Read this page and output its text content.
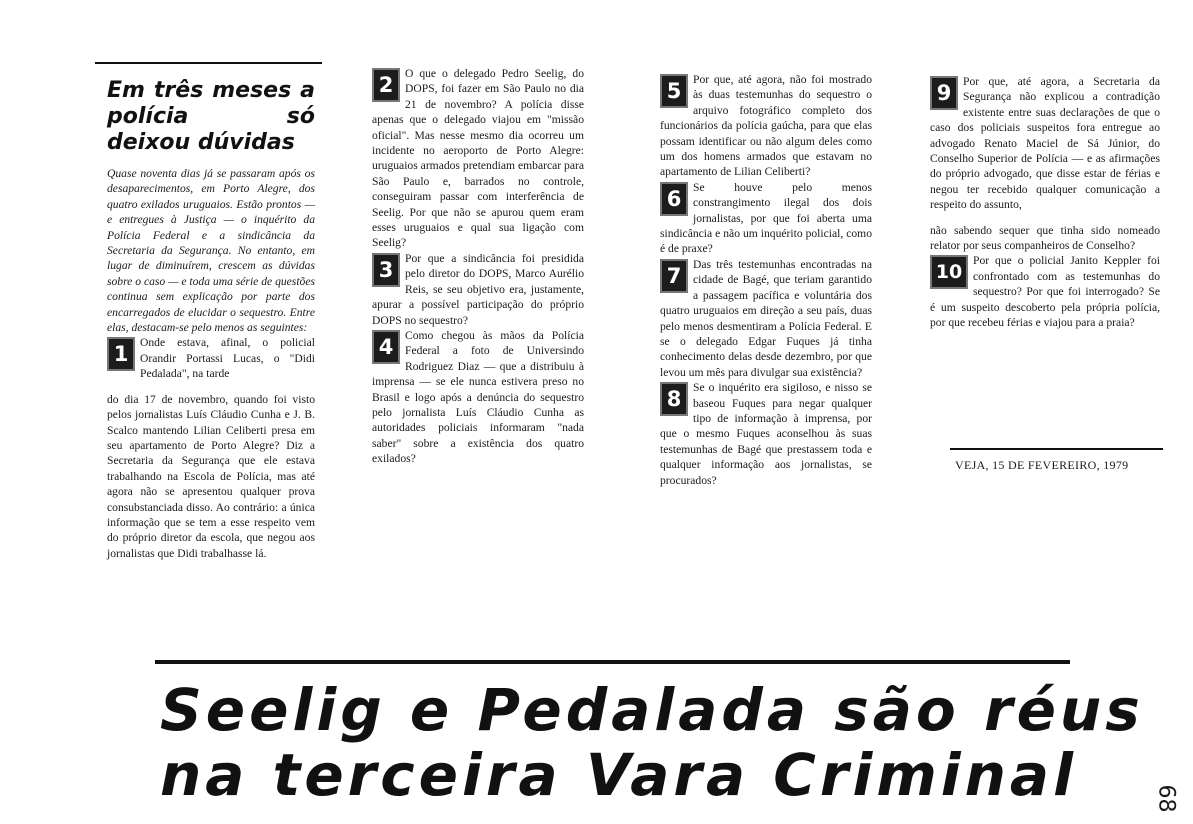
Em três meses a polícia só deixou dúvidas

Quase noventa dias já se passaram após os desaparecimentos, em Porto Alegre, dos quatro exilados uruguaios. Estão prontos — e entregues à Justiça — o inquérito da Polícia Federal e a sindicância da Secretaria da Segurança. No entanto, em lugar de diminuírem, crescem as dúvidas sobre o caso — e toda uma série de questões continua sem explicação por parte dos encarregados de elucidar o sequestro. Entre elas, destacam-se pelo menos as seguintes:

1	Onde estava, afinal, o policial Orandir Portassi Lucas, o "Didi Pedalada", na tarde

do dia 17 de novembro, quando foi visto pelos jornalistas Luís Cláudio Cunha e J. B. Scalco mantendo Lilian Celiberti presa em seu apartamento de Porto Alegre? Diz a Secretaria da Segurança que ele estava trabalhando na Escola de Polícia, mas até agora não se apresentou qualquer prova consubstanciada disso. Ao contrário: a única informação que se tem a esse respeito vem do próprio diretor da escola, que negou aos jornalistas que Didi trabalhasse lá.

2	O que o delegado Pedro Seelig, do DOPS, foi fazer em São Paulo no dia 21 de novembro? A polícia disse apenas que o delegado viajou em "missão oficial". Mas nesse mesmo dia ocorreu um incidente no aeroporto de Porto Alegre: uruguaios armados pretendiam embarcar para São Paulo e, barrados no controle, conseguiram passar com interferência de Seelig. Por que não se apurou quem eram esses uruguaios e qual sua ligação com Seelig?

3	Por que a sindicância foi presidida pelo diretor do DOPS, Marco Aurélio Reis, se seu objetivo era, justamente, apurar a possível participação do próprio DOPS no sequestro?

4	Como chegou às mãos da Polícia Federal a foto de Universindo Rodriguez Diaz — que a distribuiu à imprensa — se ele nunca estivera preso no Brasil e logo após a denúncia do sequestro pelo jornalista Luís Cláudio Cunha as autoridades policiais informaram "nada saber" sobre a existência dos quatro exilados?

5	Por que, até agora, não foi mostrado às duas testemunhas do sequestro o arquivo fotográfico completo dos funcionários da polícia gaúcha, para que elas possam identificar ou não algum deles como um dos homens armados que estavam no apartamento de Lilian Celiberti?

6	Se houve pelo menos constrangimento ilegal dos dois jornalistas, por que foi aberta uma sindicância e não um inquérito policial, como é de praxe?

7	Das três testemunhas encontradas na cidade de Bagé, que teriam garantido a passagem pacífica e voluntária dos quatro uruguaios em direção a seu país, duas pelo menos desmentiram a Polícia Federal. E se o delegado Edgar Fuques já tinha conhecimento delas desde dezembro, por que levou um mês para divulgar sua existência?

8	Se o inquérito era sigiloso, e nisso se baseou Fuques para negar qualquer tipo de informação à imprensa, por que o mesmo Fuques aconselhou às suas testemunhas de Bagé que prestassem toda e qualquer informação aos jornalistas, se procurados?

9	Por que, até agora, a Secretaria da Segurança não explicou a contradição existente entre suas declarações de que o caso dos policiais suspeitos fora entregue ao advogado Renato Maciel de Sá Júnior, do Conselho Superior de Polícia — e as afirmações do próprio advogado, que disse estar de férias e negou ter recebido qualquer comunicação a respeito do assunto,

não sabendo sequer que tinha sido nomeado relator por seus companheiros de Conselho?

10
Por que o policial Janito Keppler foi confrontado com as testemunhas do sequestro? Por que foi interrogado? Se é um suspeito descoberto pela própria polícia, por que recebeu férias e viajou para a praia?

VEJA, 15 DE FEVEREIRO, 1979
Seelig e Pedalada são réus
na terceira Vara Criminal	68
